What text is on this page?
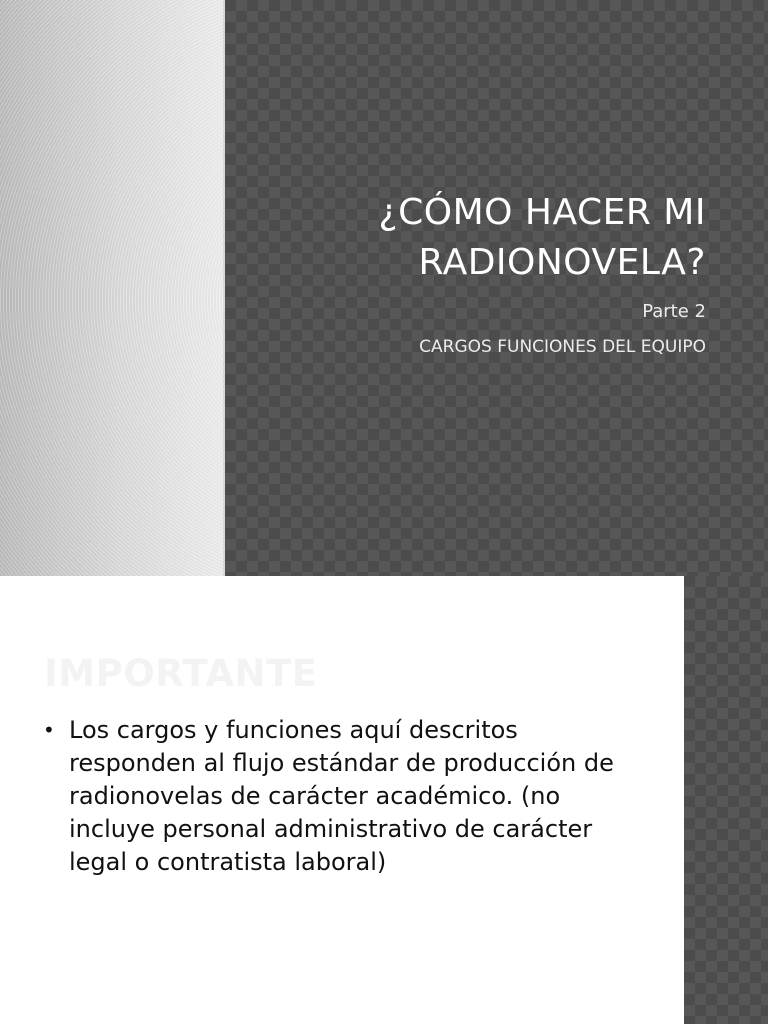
¿CÓMO HACER MI
RADIONOVELA?

Parte 2

CARGOS FUNCIONES DEL EQUIPO

IMPORTANTE
• Los cargos y funciones aquí descritos responden al flujo estándar de producción de radionovelas de carácter académico. (no incluye personal administrativo de carácter legal o contratista laboral)
